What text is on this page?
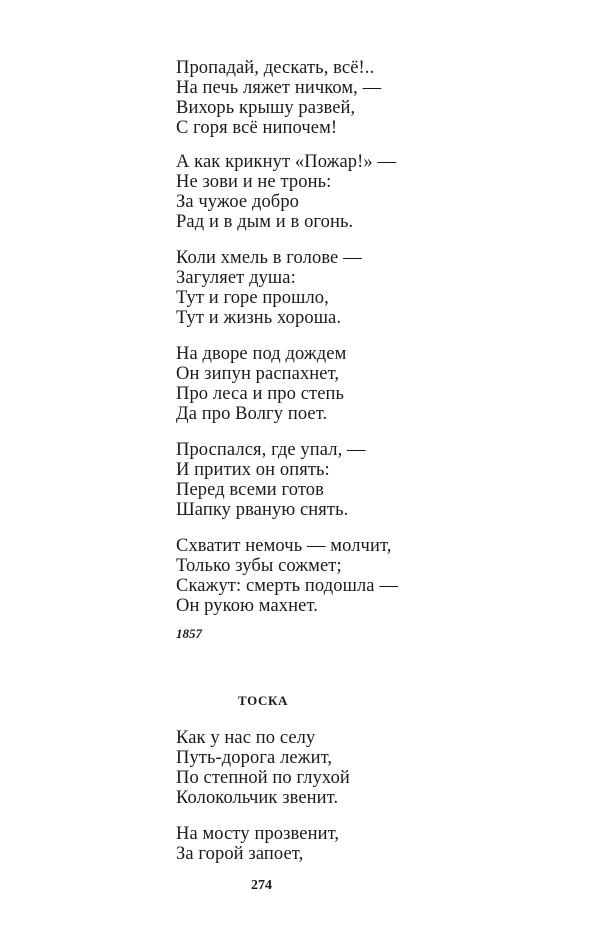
Пропадай, дескать, всё!..
На печь ляжет ничком, —
Вихорь крышу развей,
С горя всё нипочем!
А как крикнут «Пожар!» —
Не зови и не тронь:
За чужое добро
Рад и в дым и в огонь.
Коли хмель в голове —
Загуляет душа:
Тут и горе прошло,
Тут и жизнь хороша.
На дворе под дождем
Он зипун распахнет,
Про леса и про степь
Да про Волгу поет.
Проспался, где упал, —
И притих он опять:
Перед всеми готов
Шапку рваную снять.
Схватит немочь — молчит,
Только зубы сожмет;
Скажут: смерть подошла —
Он рукою махнет.
1857
ТОСКА
Как у нас по селу
Путь-дорога лежит,
По степной по глухой
Колокольчик звенит.
На мосту прозвенит,
За горой запоет,
274
